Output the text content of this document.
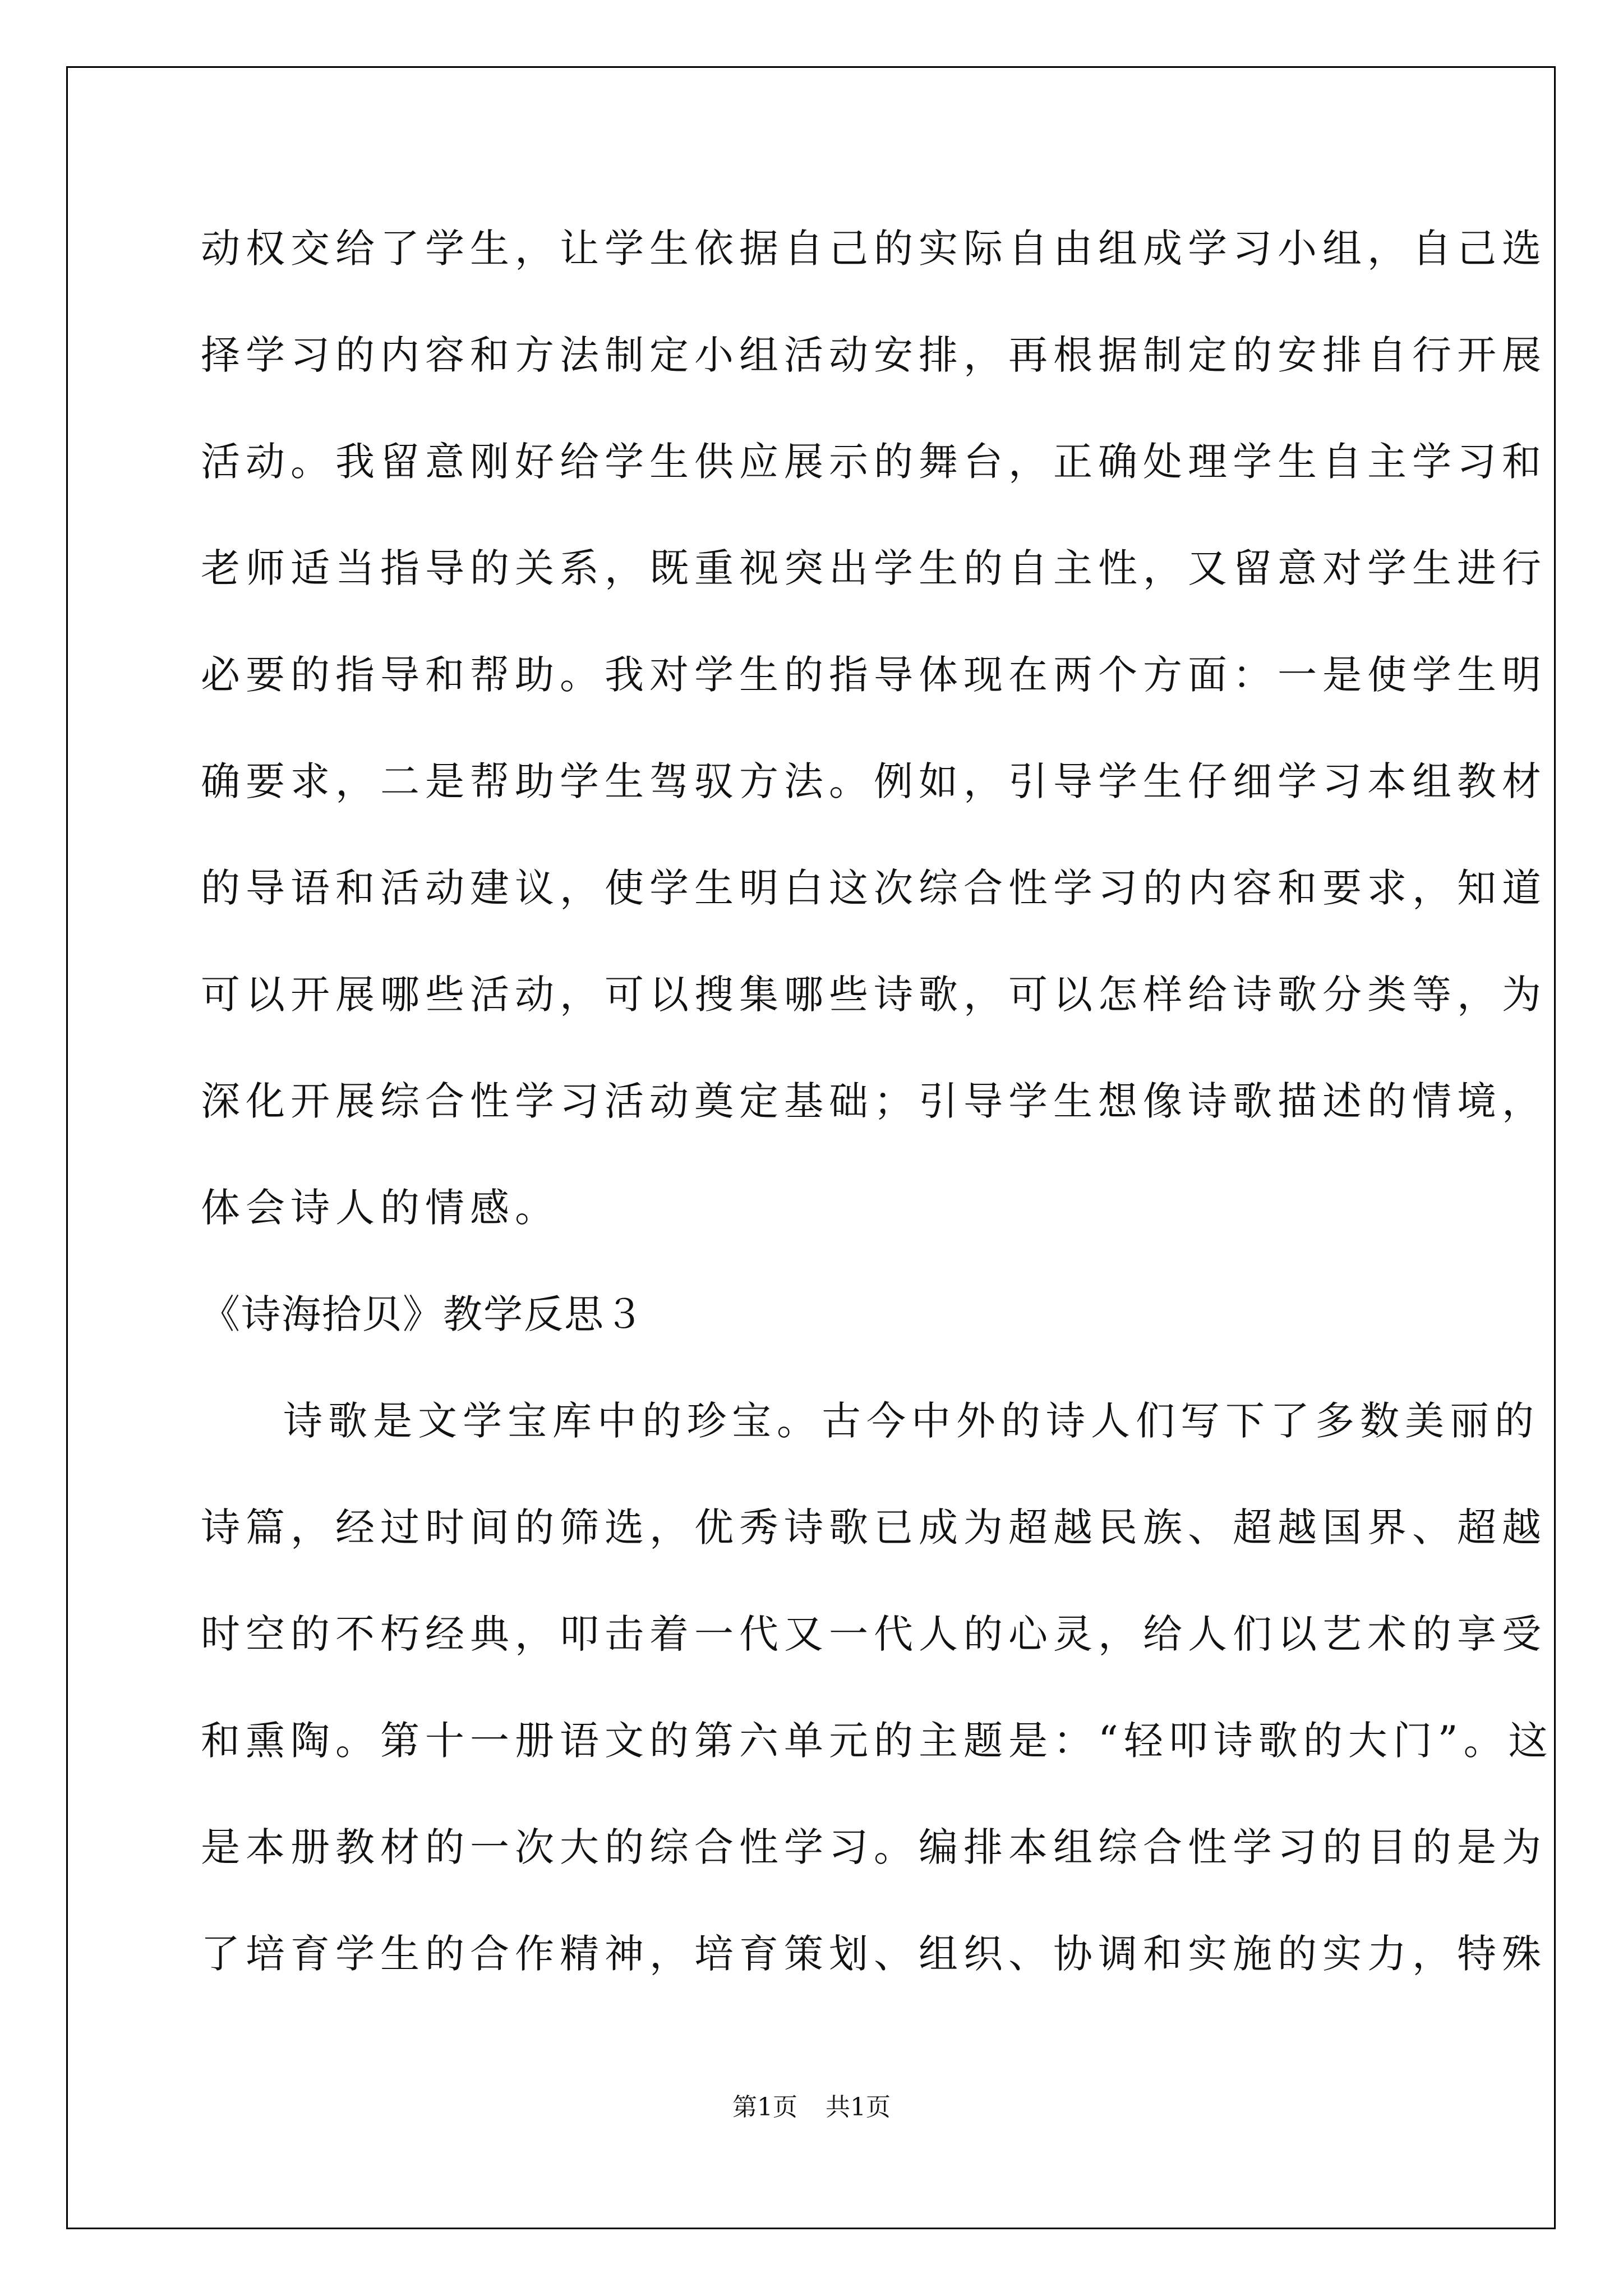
动权交给了学生，让学生依据自己的实际自由组成学习小组，自己选
择学习的内容和方法制定小组活动安排，再根据制定的安排自行开展
活动。我留意刚好给学生供应展示的舞台，正确处理学生自主学习和
老师适当指导的关系，既重视突出学生的自主性，又留意对学生进行
必要的指导和帮助。我对学生的指导体现在两个方面：一是使学生明
确要求，二是帮助学生驾驭方法。例如，引导学生仔细学习本组教材
的导语和活动建议，使学生明白这次综合性学习的内容和要求，知道
可以开展哪些活动，可以搜集哪些诗歌，可以怎样给诗歌分类等，为
深化开展综合性学习活动奠定基础；引导学生想像诗歌描述的情境，
体会诗人的情感。
《诗海拾贝》教学反思３
诗歌是文学宝库中的珍宝。古今中外的诗人们写下了多数美丽的
诗篇，经过时间的筛选，优秀诗歌已成为超越民族、超越国界、超越
时空的不朽经典，叩击着一代又一代人的心灵，给人们以艺术的享受
和熏陶。第十一册语文的第六单元的主题是：“轻叩诗歌的大门”。这
是本册教材的一次大的综合性学习。编排本组综合性学习的目的是为
了培育学生的合作精神，培育策划、组织、协调和实施的实力，特殊
第1页 共1页
